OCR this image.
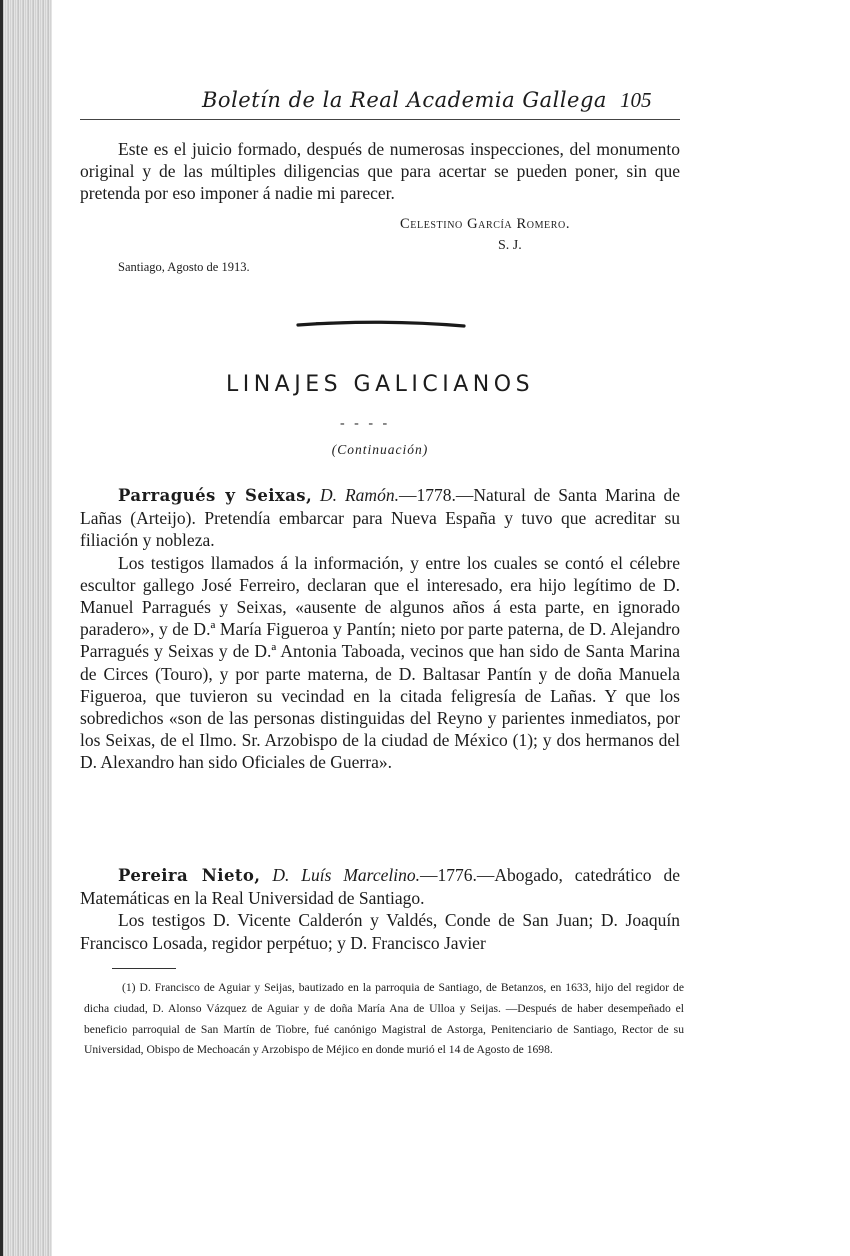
Boletín de la Real Academia Gallega 105

Este es el juicio formado, después de numerosas inspecciones, del monumento original y de las múltiples diligencias que para acertar se pueden poner, sin que pretenda por eso imponer á nadie mi parecer.

Celestino García Romero.
S. J.
Santiago, Agosto de 1913.
LINAJES GALICIANOS
- - - -
(Continuación)

Parragués y Seixas, D. Ramón.—1778.—Natural de Santa Marina de Lañas (Arteijo). Pretendía embarcar para Nueva España y tuvo que acreditar su filiación y nobleza.

Los testigos llamados á la información, y entre los cuales se contó el célebre escultor gallego José Ferreiro, declaran que el interesado, era hijo legítimo de D. Manuel Parragués y Seixas, «ausente de algunos años á esta parte, en ignorado paradero», y de D.ª María Figueroa y Pantín; nieto por parte paterna, de D. Alejandro Parragués y Seixas y de D.ª Antonia Taboada, vecinos que han sido de Santa Marina de Circes (Touro), y por parte materna, de D. Baltasar Pantín y de doña Manuela Figueroa, que tuvieron su vecindad en la citada feligresía de Lañas. Y que los sobredichos «son de las personas distinguidas del Reyno y parientes inmediatos, por los Seixas, de el Ilmo. Sr. Arzobispo de la ciudad de México (1); y dos hermanos del D. Alexandro han sido Oficiales de Guerra».

Pereira Nieto, D. Luís Marcelino.—1776.—Abogado, catedrático de Matemáticas en la Real Universidad de Santiago.

Los testigos D. Vicente Calderón y Valdés, Conde de San Juan; D. Joaquín Francisco Losada, regidor perpétuo; y D. Francisco Javier

(1) D. Francisco de Aguiar y Seijas, bautizado en la parroquia de Santiago, de Betanzos, en 1633, hijo del regidor de dicha ciudad, D. Alonso Vázquez de Aguiar y de doña María Ana de Ulloa y Seijas. —Después de haber desempeñado el beneficio parroquial de San Martín de Tiobre, fué canónigo Magistral de Astorga, Penitenciario de Santiago, Rector de su Universidad, Obispo de Mechoacán y Arzobispo de Méjico en donde murió el 14 de Agosto de 1698.
